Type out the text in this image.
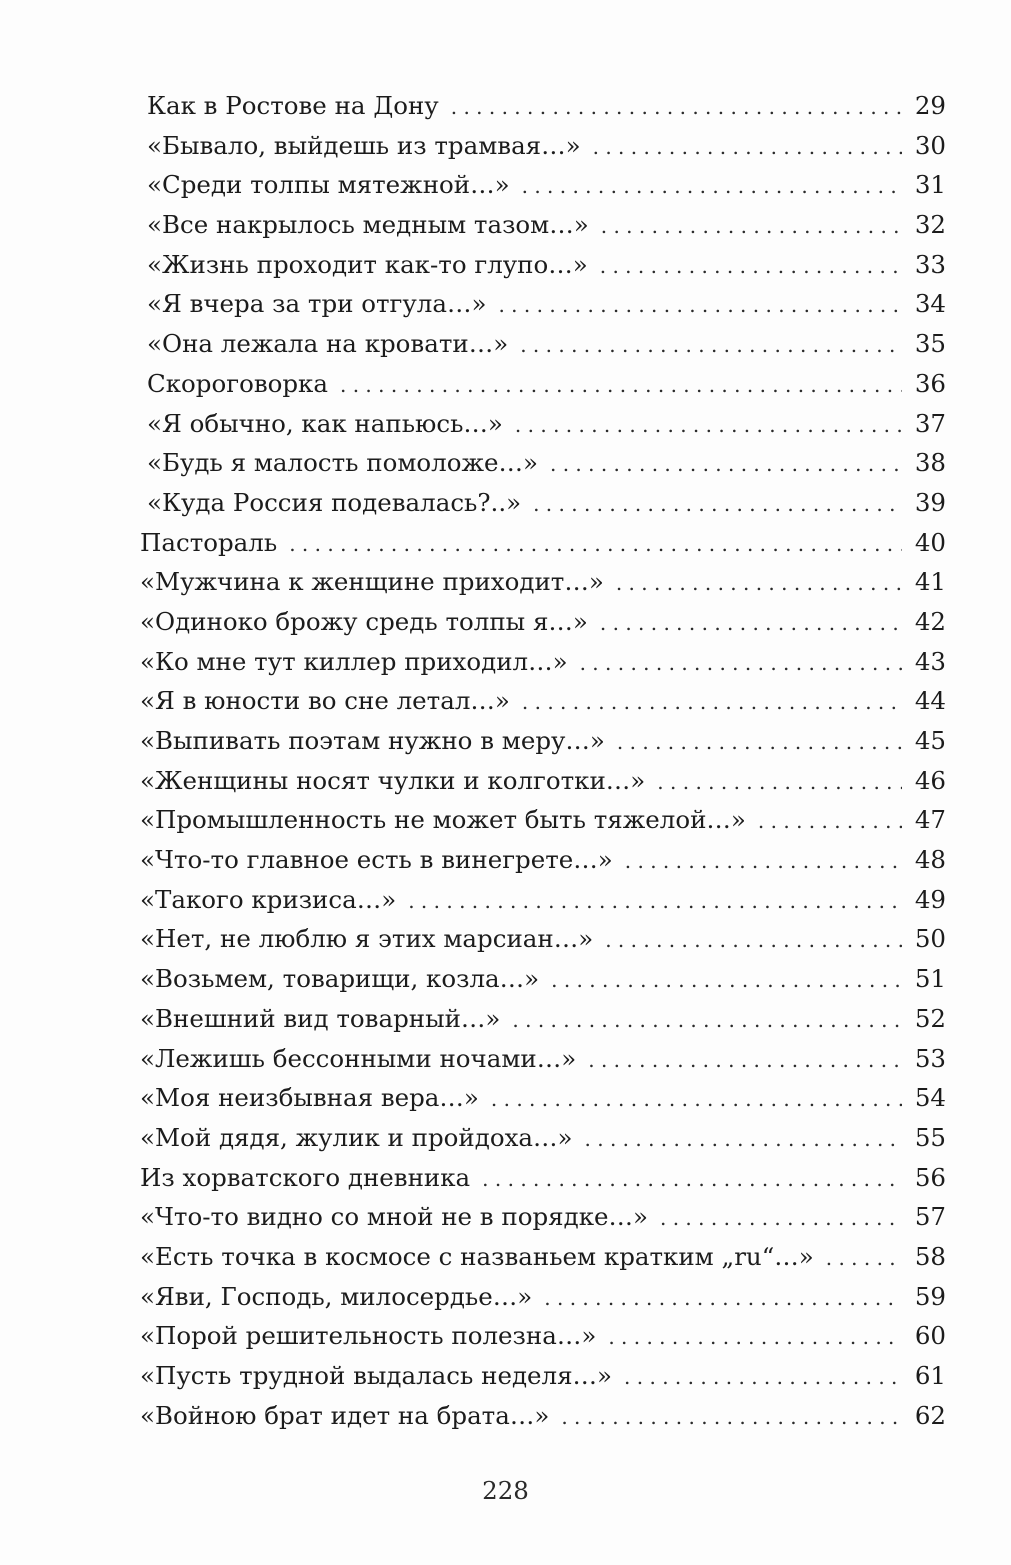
Как в Ростове на Дону . . .	29
«Бывало, выйдешь из трамвая…» . . .	30
«Среди толпы мятежной…» . . .	31
«Все накрылось медным тазом…» . . .	32
«Жизнь проходит как-то глупо…» . . .	33
«Я вчера за три отгула…» . . .	34
«Она лежала на кровати…» . . .	35
Скороговорка . . .	36
«Я обычно, как напьюсь…» . . .	37
«Будь я малость помоложе…» . . .	38
«Куда Россия подевалась?..» . . .	39
Пастораль . . .	40
«Мужчина к женщине приходит…» . . .	41
«Одиноко брожу средь толпы я…» . . .	42
«Ко мне тут киллер приходил…» . . .	43
«Я в юности во сне летал…» . . .	44
«Выпивать поэтам нужно в меру…» . . .	45
«Женщины носят чулки и колготки…» . . .	46
«Промышленность не может быть тяжелой…» . . .	47
«Что-то главное есть в винегрете…» . . .	48
«Такого кризиса…» . . .	49
«Нет, не люблю я этих марсиан…» . . .	50
«Возьмем, товарищи, козла…» . . .	51
«Внешний вид товарный…» . . .	52
«Лежишь бессонными ночами…» . . .	53
«Моя неизбывная вера…» . . .	54
«Мой дядя, жулик и пройдоха…» . . .	55
Из хорватского дневника . . .	56
«Что-то видно со мной не в порядке…» . . .	57
«Есть точка в космосе с названьем кратким „ru“…» . . .	58
«Яви, Господь, милосердье…» . . .	59
«Порой решительность полезна…» . . .	60
«Пусть трудной выдалась неделя…» . . .	61
«Войною брат идет на брата…» . . .	62
228
